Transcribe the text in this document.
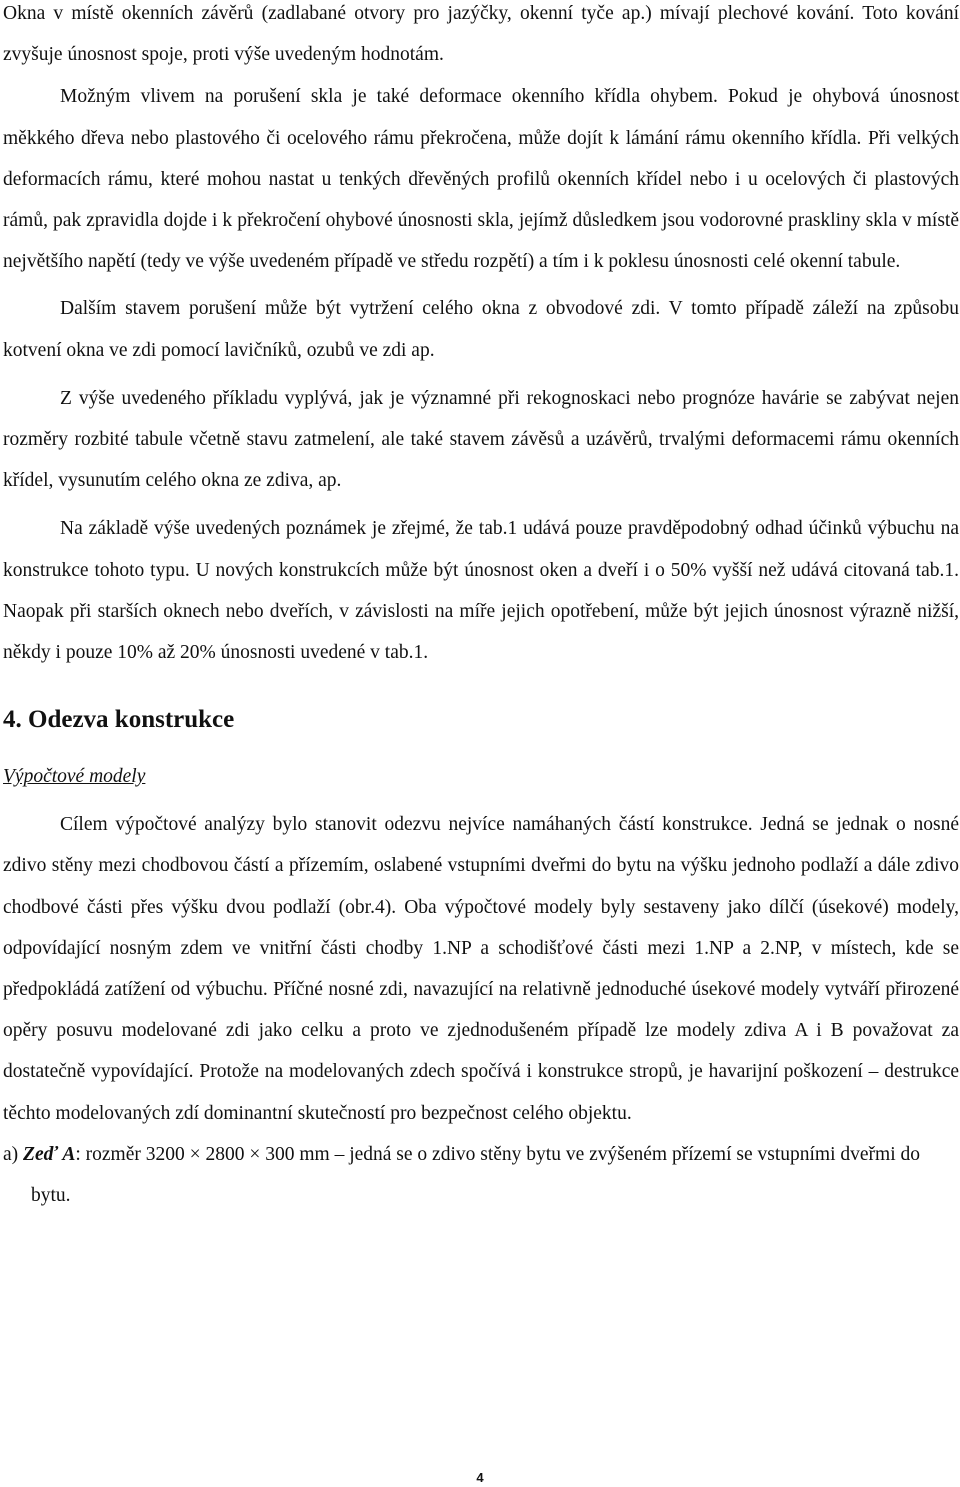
Okna v místě okenních závěrů (zadlabané otvory pro jazýčky, okenní tyče ap.) mívají plechové kování. Toto kování zvyšuje únosnost spoje, proti výše uvedeným hodnotám.

Možným vlivem na porušení skla je také deformace okenního křídla ohybem. Pokud je ohybová únosnost měkkého dřeva nebo plastového či ocelového rámu překročena, může dojít k lámání rámu okenního křídla. Při velkých deformacích rámu, které mohou nastat u tenkých dřevěných profilů okenních křídel nebo i u ocelových či plastových rámů, pak zpravidla dojde i k překročení ohybové únosnosti skla, jejímž důsledkem jsou vodorovné praskliny skla v místě největšího napětí (tedy ve výše uvedeném případě ve středu rozpětí) a tím i k poklesu únosnosti celé okenní tabule.

Dalším stavem porušení může být vytržení celého okna z obvodové zdi. V tomto případě záleží na způsobu kotvení okna ve zdi pomocí lavičníků, ozubů ve zdi ap.

Z výše uvedeného příkladu vyplývá, jak je významné při rekognoskaci nebo prognóze havárie se zabývat nejen rozměry rozbité tabule včetně stavu zatmelení, ale také stavem závěsů a uzávěrů, trvalými deformacemi rámu okenních křídel, vysunutím celého okna ze zdiva, ap.

Na základě výše uvedených poznámek je zřejmé, že tab.1 udává pouze pravděpodobný odhad účinků výbuchu na konstrukce tohoto typu. U nových konstrukcích může být únosnost oken a dveří i o 50% vyšší než udává citovaná tab.1. Naopak při starších oknech nebo dveřích, v závislosti na míře jejich opotřebení, může být jejich únosnost výrazně nižší, někdy i pouze 10% až 20% únosnosti uvedené v tab.1.

4. Odezva konstrukce
Výpočtové modely

Cílem výpočtové analýzy bylo stanovit odezvu nejvíce namáhaných částí konstrukce. Jedná se jednak o nosné zdivo stěny mezi chodbovou částí a přízemím, oslabené vstupními dveřmi do bytu na výšku jednoho podlaží a dále zdivo chodbové části přes výšku dvou podlaží (obr.4). Oba výpočtové modely byly sestaveny jako dílčí (úsekové) modely, odpovídající nosným zdem ve vnitřní části chodby 1.NP a schodišťové části mezi 1.NP a 2.NP, v místech, kde se předpokládá zatížení od výbuchu. Příčné nosné zdi, navazující na relativně jednoduché úsekové modely vytváří přirozené opěry posuvu modelované zdi jako celku a proto ve zjednodušeném případě lze modely zdiva A i B považovat za dostatečně vypovídající. Protože na modelovaných zdech spočívá i konstrukce stropů, je havarijní poškození – destrukce těchto modelovaných zdí dominantní skutečností pro bezpečnost celého objektu.

a) Zeď A: rozměr 3200 × 2800 × 300 mm – jedná se o zdivo stěny bytu ve zvýšeném přízemí se vstupními dveřmi do bytu.

4
